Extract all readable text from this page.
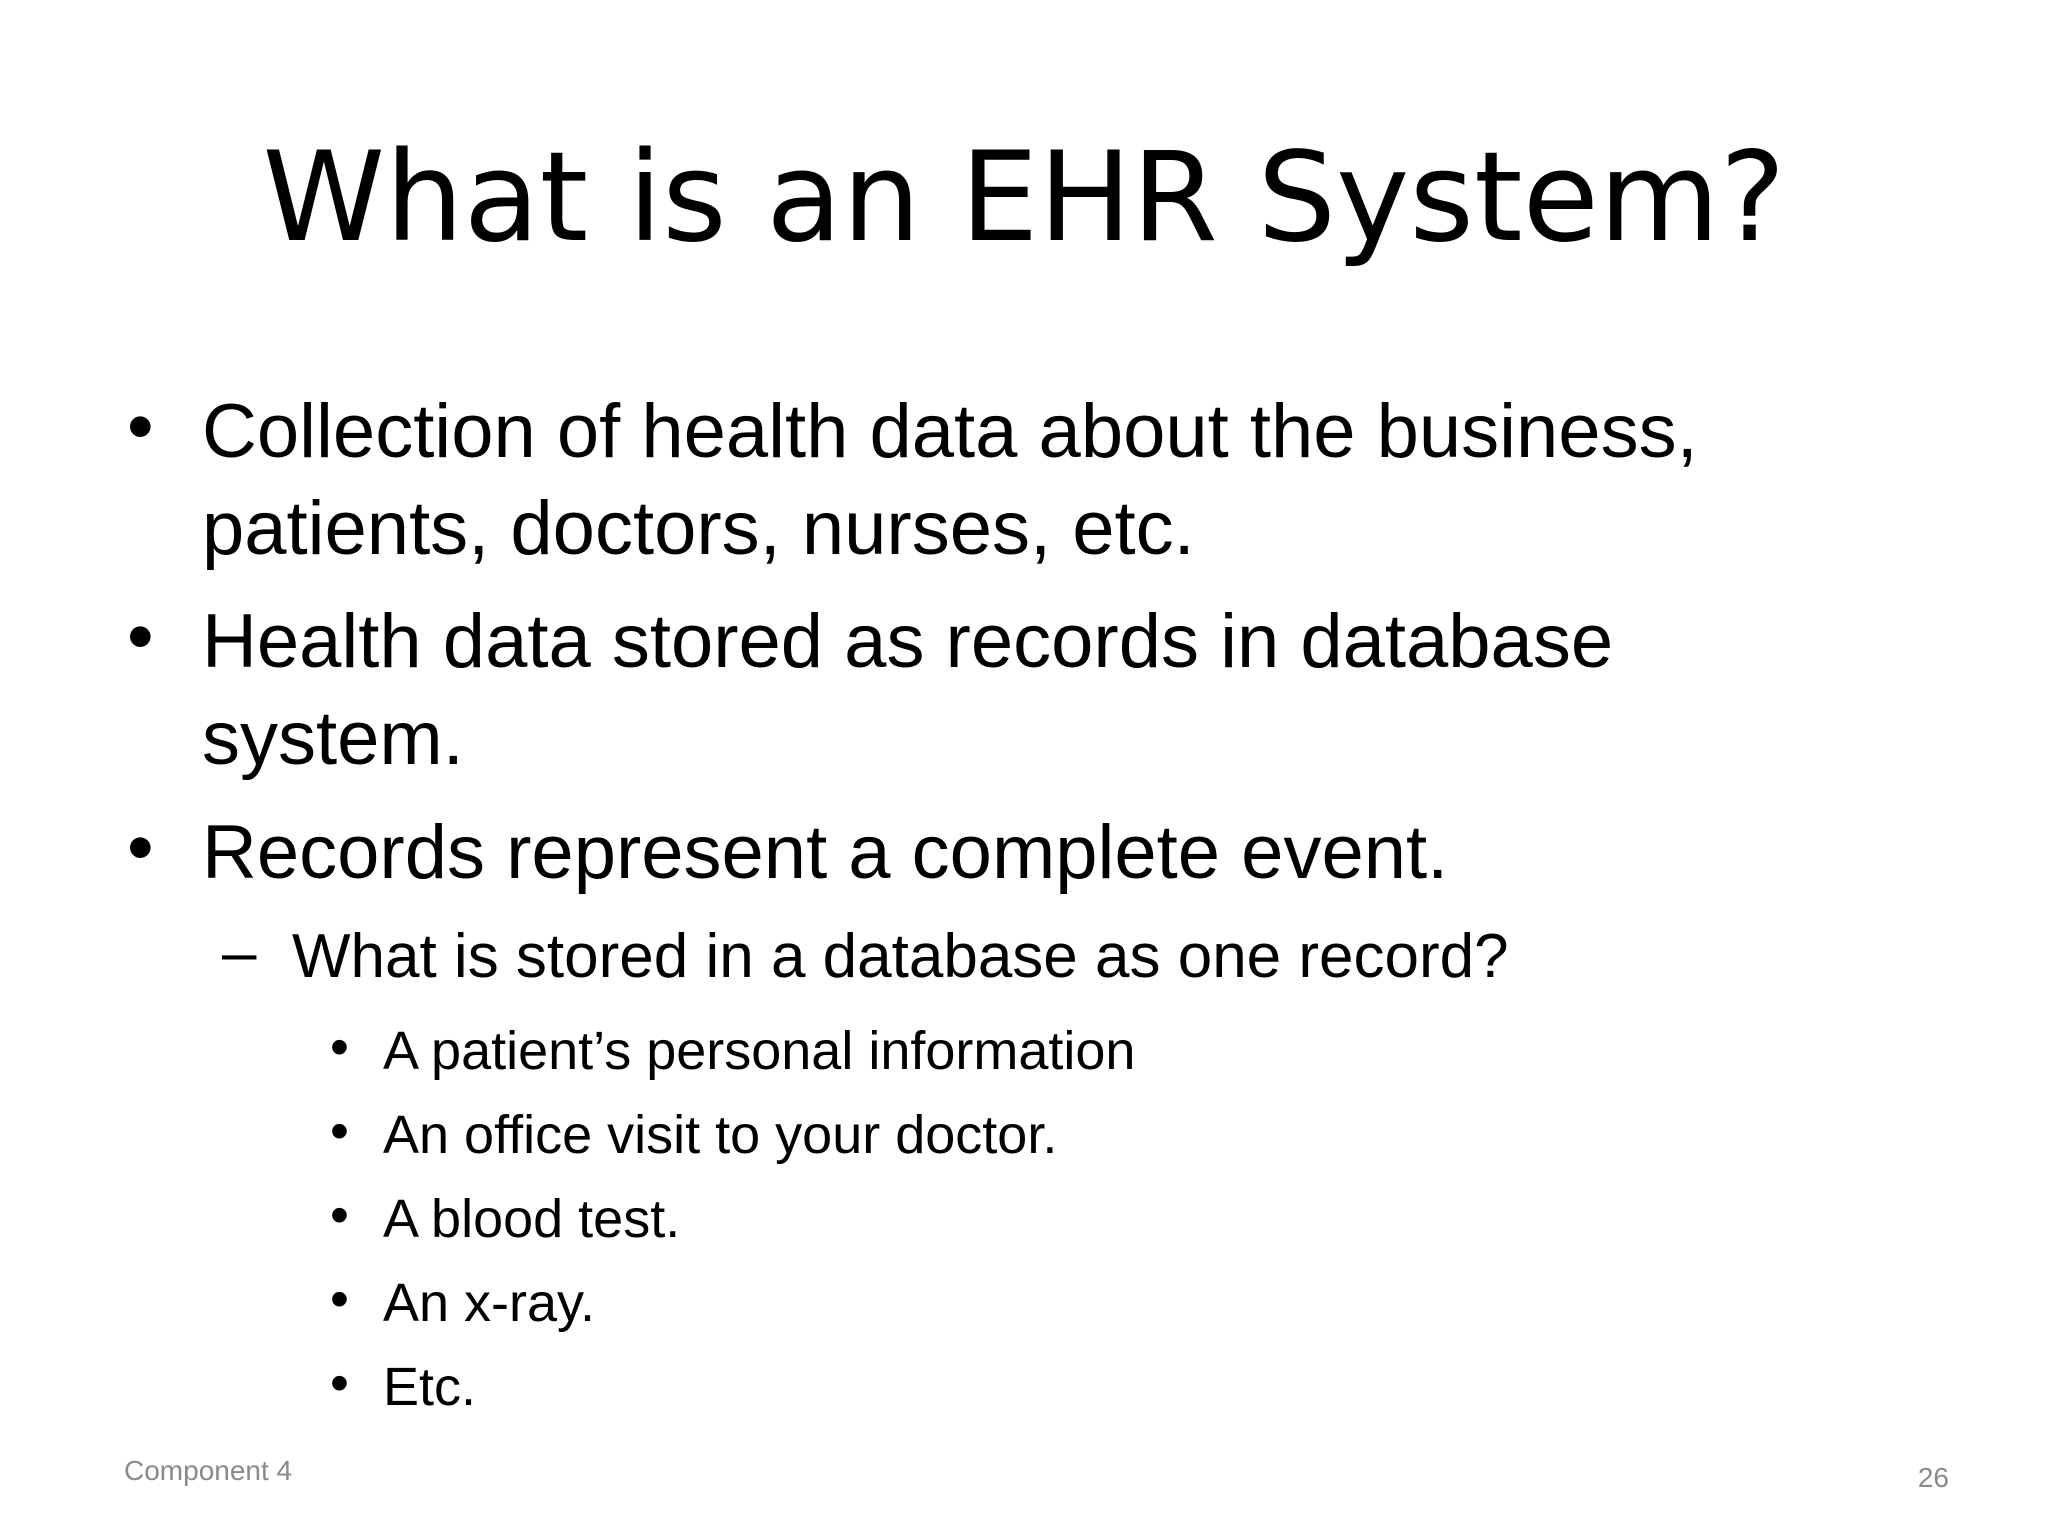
What is an EHR System?
• Collection of health data about the business, patients, doctors, nurses, etc.
• Health data stored as records in database system.
• Records represent a complete event.
– What is stored in a database as one record?
• A patient’s personal information
• An office visit to your doctor.
• A blood test.
• An x-ray.
• Etc.
Component 4	26
